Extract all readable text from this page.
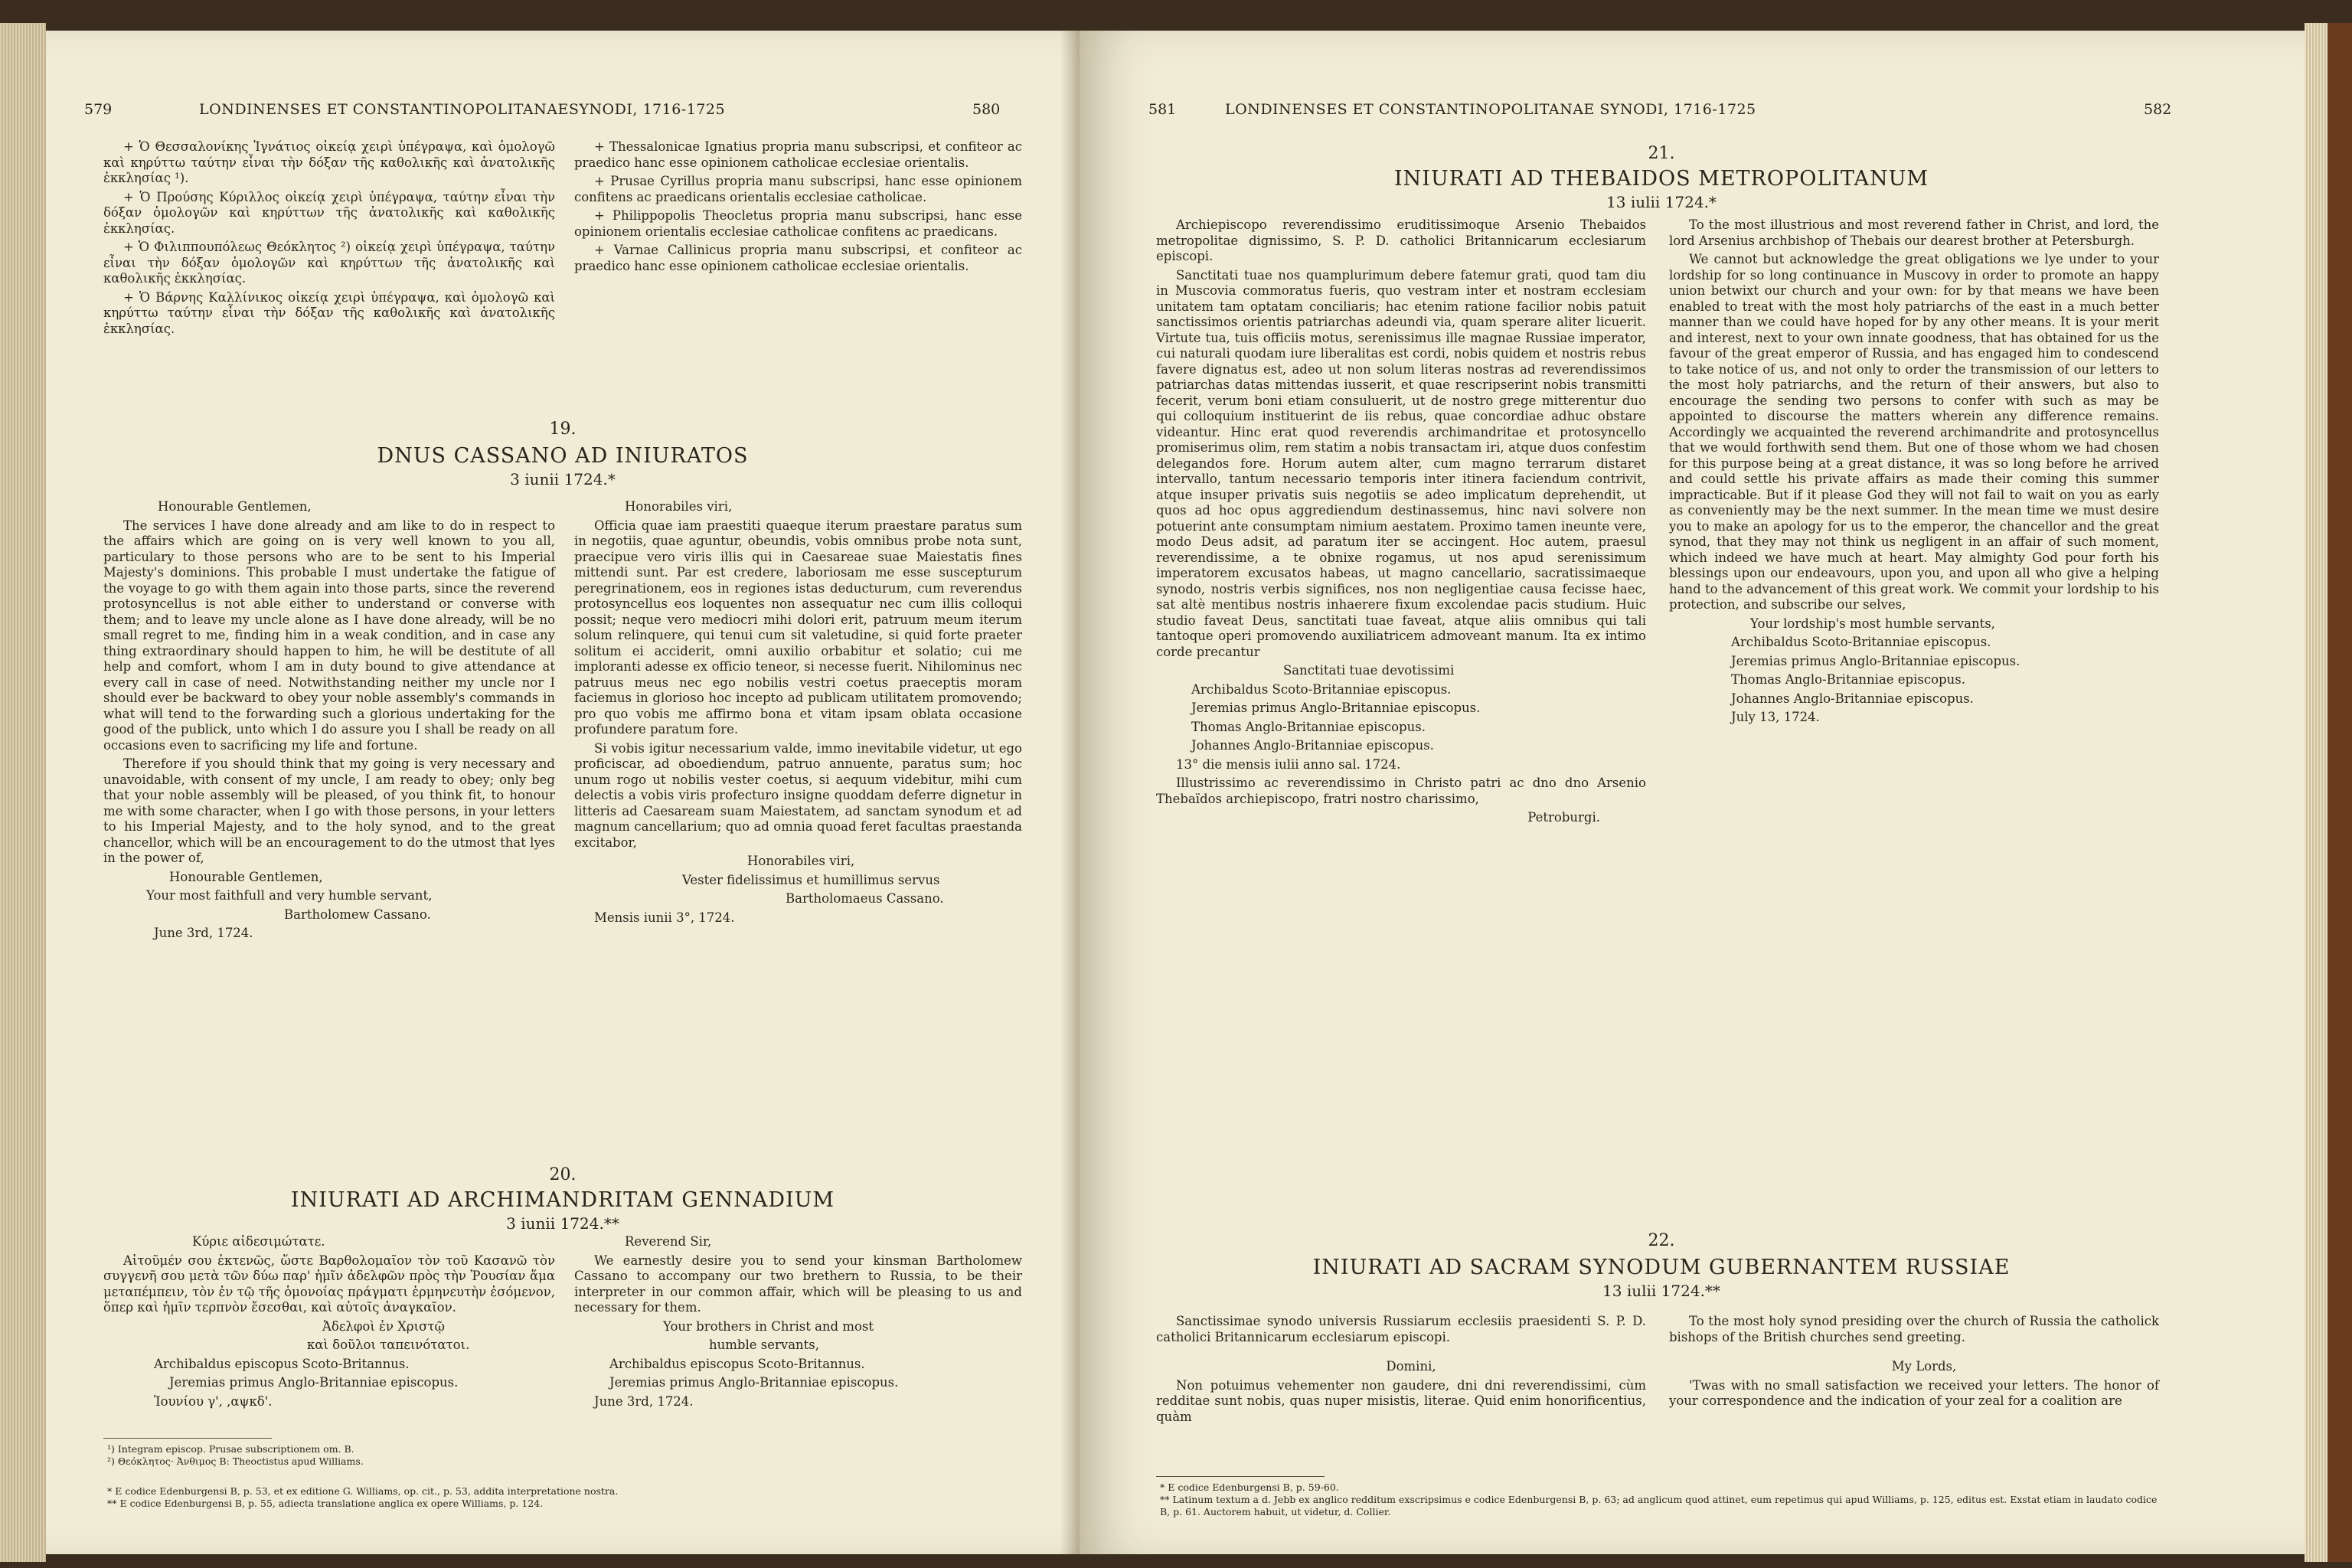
579	LONDINENSES ET CONSTANTINOPOLITANAESYNODI, 1716-1725	580

+ Ὁ Θεσσαλονίκης Ἰγνάτιος οἰκείᾳ χειρὶ ὑπέγραψα, καὶ ὁμολογῶ καὶ κηρύττω ταύτην εἶναι τὴν δόξαν τῆς καθολικῆς καὶ ἀνατολικῆς ἐκκλησίας ¹).

+ Ὁ Προύσης Κύριλλος οἰκείᾳ χειρὶ ὑπέγραψα, ταύτην εἶναι τὴν δόξαν ὁμολογῶν καὶ κηρύττων τῆς ἀνατολικῆς καὶ καθολικῆς ἐκκλησίας.

+ Ὁ Φιλιππουπόλεως Θεόκλητος ²) οἰκείᾳ χειρὶ ὑπέγραψα, ταύτην εἶναι τὴν δόξαν ὁμολογῶν καὶ κηρύττων τῆς ἀνατολικῆς καὶ καθολικῆς ἐκκλησίας.

+ Ὁ Βάρνης Καλλίνικος οἰκείᾳ χειρὶ ὑπέγραψα, καὶ ὁμολογῶ καὶ κηρύττω ταύτην εἶναι τὴν δόξαν τῆς καθολικῆς καὶ ἀνατολικῆς ἐκκλησίας.

+ Thessalonicae Ignatius propria manu subscripsi, et confiteor ac praedico hanc esse opinionem catholicae ecclesiae orientalis.

+ Prusae Cyrillus propria manu subscripsi, hanc esse opinionem confitens ac praedicans orientalis ecclesiae catholicae.

+ Philippopolis Theocletus propria manu subscripsi, hanc esse opinionem orientalis ecclesiae catholicae confitens ac praedicans.

+ Varnae Callinicus propria manu subscripsi, et confiteor ac praedico hanc esse opinionem catholicae ecclesiae orientalis.

19.
DNUS CASSANO AD INIURATOS
3 iunii 1724.*

Honourable Gentlemen,

The services I have done already and am like to do in respect to the affairs which are going on is very well known to you all, particulary to those persons who are to be sent to his Imperial Majesty's dominions. This probable I must undertake the fatigue of the voyage to go with them again into those parts, since the reverend protosyncellus is not able either to understand or converse with them; and to leave my uncle alone as I have done already, will be no small regret to me, finding him in a weak condition, and in case any thing extraordinary should happen to him, he will be destitute of all help and comfort, whom I am in duty bound to give attendance at every call in case of need. Notwithstanding neither my uncle nor I should ever be backward to obey your noble assembly's commands in what will tend to the forwarding such a glorious undertaking for the good of the publick, unto which I do assure you I shall be ready on all occasions even to sacrificing my life and fortune.

Therefore if you should think that my going is very necessary and unavoidable, with consent of my uncle, I am ready to obey; only beg that your noble assembly will be pleased, of you think fit, to honour me with some character, when I go with those persons, in your letters to his Imperial Majesty, and to the holy synod, and to the great chancellor, which will be an encouragement to do the utmost that lyes in the power of,

Honourable Gentlemen,

Your most faithfull and very humble servant,

Bartholomew Cassano.

June 3rd, 1724.

Honorabiles viri,

Officia quae iam praestiti quaeque iterum praestare paratus sum in negotiis, quae aguntur, obeundis, vobis omnibus probe nota sunt, praecipue vero viris illis qui in Caesareae suae Maiestatis fines mittendi sunt. Par est credere, laboriosam me esse suscepturum peregrinationem, eos in regiones istas deducturum, cum reverendus protosyncellus eos loquentes non assequatur nec cum illis colloqui possit; neque vero mediocri mihi dolori erit, patruum meum iterum solum relinquere, qui tenui cum sit valetudine, si quid forte praeter solitum ei acciderit, omni auxilio orbabitur et solatio; cui me imploranti adesse ex officio teneor, si necesse fuerit. Nihilominus nec patruus meus nec ego nobilis vestri coetus praeceptis moram faciemus in glorioso hoc incepto ad publicam utilitatem promovendo; pro quo vobis me affirmo bona et vitam ipsam oblata occasione profundere paratum fore.

Si vobis igitur necessarium valde, immo inevitabile videtur, ut ego proficiscar, ad oboediendum, patruo annuente, paratus sum; hoc unum rogo ut nobilis vester coetus, si aequum videbitur, mihi cum delectis a vobis viris profecturo insigne quoddam deferre dignetur in litteris ad Caesaream suam Maiestatem, ad sanctam synodum et ad magnum cancellarium; quo ad omnia quoad feret facultas praestanda excitabor,

Honorabiles viri,

Vester fidelissimus et humillimus servus

Bartholomaeus Cassano.

Mensis iunii 3°, 1724.

20.
INIURATI AD ARCHIMANDRITAM GENNADIUM
3 iunii 1724.**

Κύριε αἰδεσιμώτατε.

Αἰτοῦμέν σου ἐκτενῶς, ὥστε Βαρθολομαῖον τὸν τοῦ Κασανῶ τὸν συγγενῆ σου μετὰ τῶν δύω παρ' ἡμῖν ἀδελφῶν πρὸς τὴν Ῥουσίαν ἅμα μεταπέμπειν, τὸν ἐν τῷ τῆς ὁμονοίας πράγματι ἑρμηνευτὴν ἐσόμενον, ὅπερ καὶ ἡμῖν τερπνὸν ἔσεσθαι, καὶ αὐτοῖς ἀναγκαῖον.

Ἀδελφοὶ ἐν Χριστῷ

καὶ δοῦλοι ταπεινότατοι.

Archibaldus episcopus Scoto-Britannus.

Jeremias primus Anglo-Britanniae episcopus.

Ἰουνίου γ', ,αψκδ'.

Reverend Sir,

We earnestly desire you to send your kinsman Bartholomew Cassano to accompany our two brethern to Russia, to be their interpreter in our common affair, which will be pleasing to us and necessary for them.

Your brothers in Christ and most

humble servants,

Archibaldus episcopus Scoto-Britannus.

Jeremias primus Anglo-Britanniae episcopus.

June 3rd, 1724.

¹) Integram episcop. Prusae subscriptionem om. B.
²) Θεόκλητος· Ἀνθιμος B: Theoctistus apud Williams.
* E codice Edenburgensi B, p. 53, et ex editione G. Williams, op. cit., p. 53, addita interpretatione nostra.
** E codice Edenburgensi B, p. 55, adiecta translatione anglica ex opere Williams, p. 124.
581	LONDINENSES ET CONSTANTINOPOLITANAE SYNODI, 1716-1725	582
21.
INIURATI AD THEBAIDOS METROPOLITANUM
13 iulii 1724.*

Archiepiscopo reverendissimo eruditissimoque Arsenio Thebaidos metropolitae dignissimo, S. P. D. catholici Britannicarum ecclesiarum episcopi.

Sanctitati tuae nos quamplurimum debere fatemur grati, quod tam diu in Muscovia commoratus fueris, quo vestram inter et nostram ecclesiam unitatem tam optatam conciliaris; hac etenim ratione facilior nobis patuit sanctissimos orientis patriarchas adeundi via, quam sperare aliter licuerit. Virtute tua, tuis officiis motus, serenissimus ille magnae Russiae imperator, cui naturali quodam iure liberalitas est cordi, nobis quidem et nostris rebus favere dignatus est, adeo ut non solum literas nostras ad reverendissimos patriarchas datas mittendas iusserit, et quae rescripserint nobis transmitti fecerit, verum boni etiam consuluerit, ut de nostro grege mitterentur duo qui colloquium instituerint de iis rebus, quae concordiae adhuc obstare videantur. Hinc erat quod reverendis archimandritae et protosyncello promiserimus olim, rem statim a nobis transactam iri, atque duos confestim delegandos fore. Horum autem alter, cum magno terrarum distaret intervallo, tantum necessario temporis inter itinera faciendum contrivit, atque insuper privatis suis negotiis se adeo implicatum deprehendit, ut quos ad hoc opus aggrediendum destinassemus, hinc navi solvere non potuerint ante consumptam nimium aestatem. Proximo tamen ineunte vere, modo Deus adsit, ad paratum iter se accingent. Hoc autem, praesul reverendissime, a te obnixe rogamus, ut nos apud serenissimum imperatorem excusatos habeas, ut magno cancellario, sacratissimaeque synodo, nostris verbis significes, nos non negligentiae causa fecisse haec, sat altè mentibus nostris inhaerere fixum excolendae pacis studium. Huic studio faveat Deus, sanctitati tuae faveat, atque aliis omnibus qui tali tantoque operi promovendo auxiliatricem admoveant manum. Ita ex intimo corde precantur

Sanctitati tuae devotissimi

Archibaldus Scoto-Britanniae episcopus.

Jeremias primus Anglo-Britanniae episcopus.

Thomas Anglo-Britanniae episcopus.

Johannes Anglo-Britanniae episcopus.

13° die mensis iulii anno sal. 1724.

Illustrissimo ac reverendissimo in Christo patri ac dno dno Arsenio Thebaïdos archiepiscopo, fratri nostro charissimo,

Petroburgi.

To the most illustrious and most reverend father in Christ, and lord, the lord Arsenius archbishop of Thebais our dearest brother at Petersburgh.

We cannot but acknowledge the great obligations we lye under to your lordship for so long continuance in Muscovy in order to promote an happy union betwixt our church and your own: for by that means we have been enabled to treat with the most holy patriarchs of the east in a much better manner than we could have hoped for by any other means. It is your merit and interest, next to your own innate goodness, that has obtained for us the favour of the great emperor of Russia, and has engaged him to condescend to take notice of us, and not only to order the transmission of our letters to the most holy patriarchs, and the return of their answers, but also to encourage the sending two persons to confer with such as may be appointed to discourse the matters wherein any difference remains. Accordingly we acquainted the reverend archimandrite and protosyncellus that we would forthwith send them. But one of those whom we had chosen for this purpose being at a great distance, it was so long before he arrived and could settle his private affairs as made their coming this summer impracticable. But if it please God they will not fail to wait on you as early as conveniently may be the next summer. In the mean time we must desire you to make an apology for us to the emperor, the chancellor and the great synod, that they may not think us negligent in an affair of such moment, which indeed we have much at heart. May almighty God pour forth his blessings upon our endeavours, upon you, and upon all who give a helping hand to the advancement of this great work. We commit your lordship to his protection, and subscribe our selves,

Your lordship's most humble servants,

Archibaldus Scoto-Britanniae episcopus.

Jeremias primus Anglo-Britanniae episcopus.

Thomas Anglo-Britanniae episcopus.

Johannes Anglo-Britanniae episcopus.

July 13, 1724.

22.
INIURATI AD SACRAM SYNODUM GUBERNANTEM RUSSIAE
13 iulii 1724.**

Sanctissimae synodo universis Russiarum ecclesiis praesidenti S. P. D. catholici Britannicarum ecclesiarum episcopi.

Domini,

Non potuimus vehementer non gaudere, dni dni reverendissimi, cùm redditae sunt nobis, quas nuper misistis, literae. Quid enim honorificentius, quàm

To the most holy synod presiding over the church of Russia the catholick bishops of the British churches send greeting.

My Lords,

'Twas with no small satisfaction we received your letters. The honor of your correspondence and the indication of your zeal for a coalition are

* E codice Edenburgensi B, p. 59-60.
** Latinum textum a d. Jebb ex anglico redditum exscripsimus e codice Edenburgensi B, p. 63; ad anglicum quod attinet, eum repetimus qui apud Williams, p. 125, editus est. Exstat etiam in laudato codice B, p. 61. Auctorem habuit, ut videtur, d. Collier.
